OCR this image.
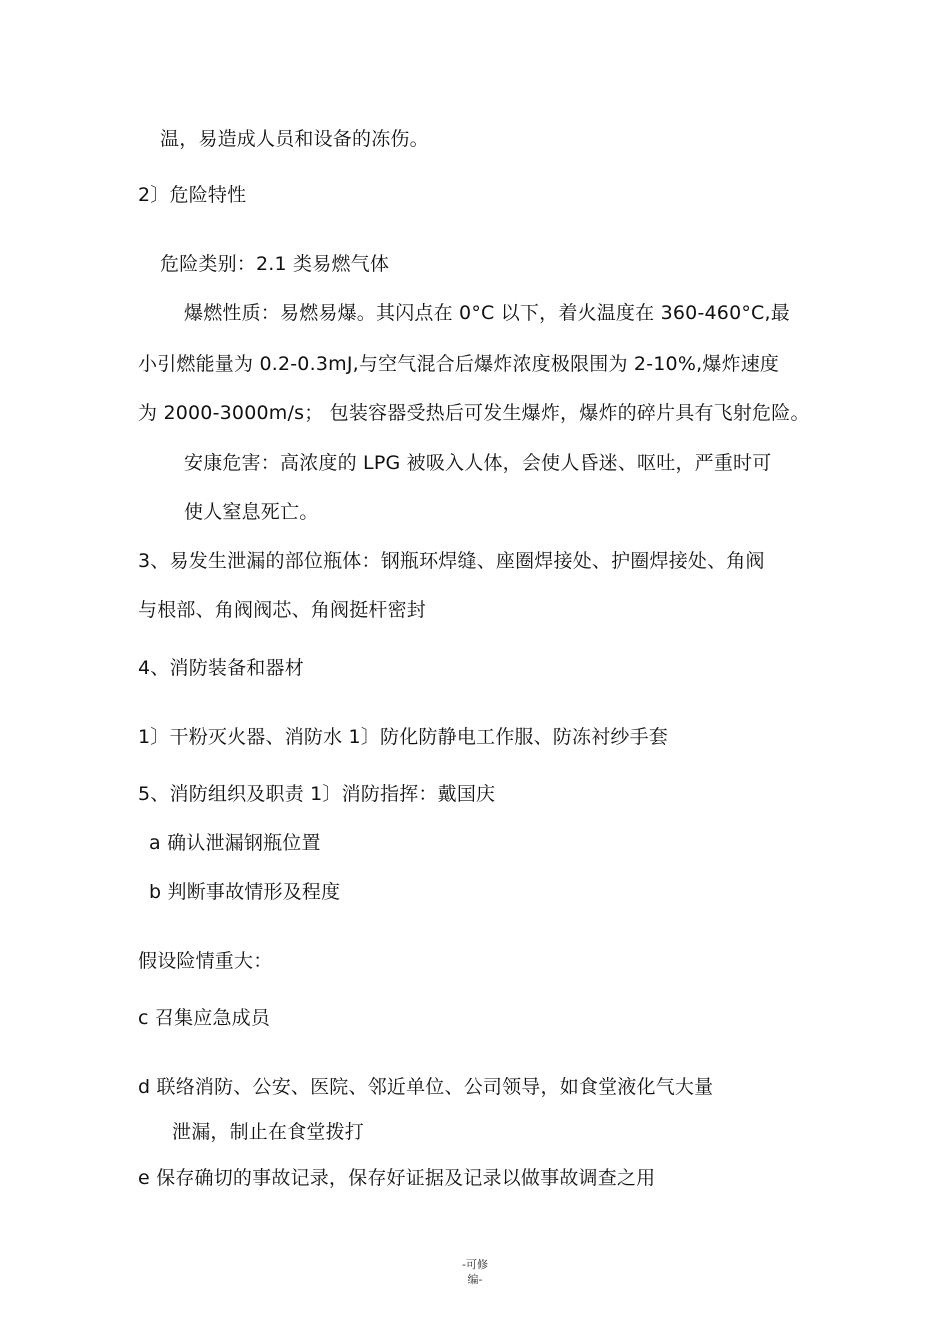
温，易造成人员和设备的冻伤。
2〕危险特性
危险类别：2.1 类易燃气体
爆燃性质：易燃易爆。其闪点在 0°C 以下，着火温度在 360-460°C,最
小引燃能量为 0.2-0.3mJ,与空气混合后爆炸浓度极限围为 2-10%,爆炸速度
为 2000-3000m/s； 包装容器受热后可发生爆炸，爆炸的碎片具有飞射危险。
安康危害：高浓度的 LPG 被吸入人体，会使人昏迷、呕吐，严重时可
使人窒息死亡。
3、易发生泄漏的部位瓶体：钢瓶环焊缝、座圈焊接处、护圈焊接处、角阀
与根部、角阀阀芯、角阀挺杆密封
4、消防装备和器材
1〕干粉灭火器、消防水 1〕防化防静电工作服、防冻衬纱手套
5、消防组织及职责 1〕消防指挥：戴国庆
a 确认泄漏钢瓶位置
b 判断事故情形及程度
假设险情重大：
c 召集应急成员
d 联络消防、公安、医院、邻近单位、公司领导，如食堂液化气大量
泄漏，制止在食堂拨打
e 保存确切的事故记录，保存好证据及记录以做事故调查之用
-可修
编-
